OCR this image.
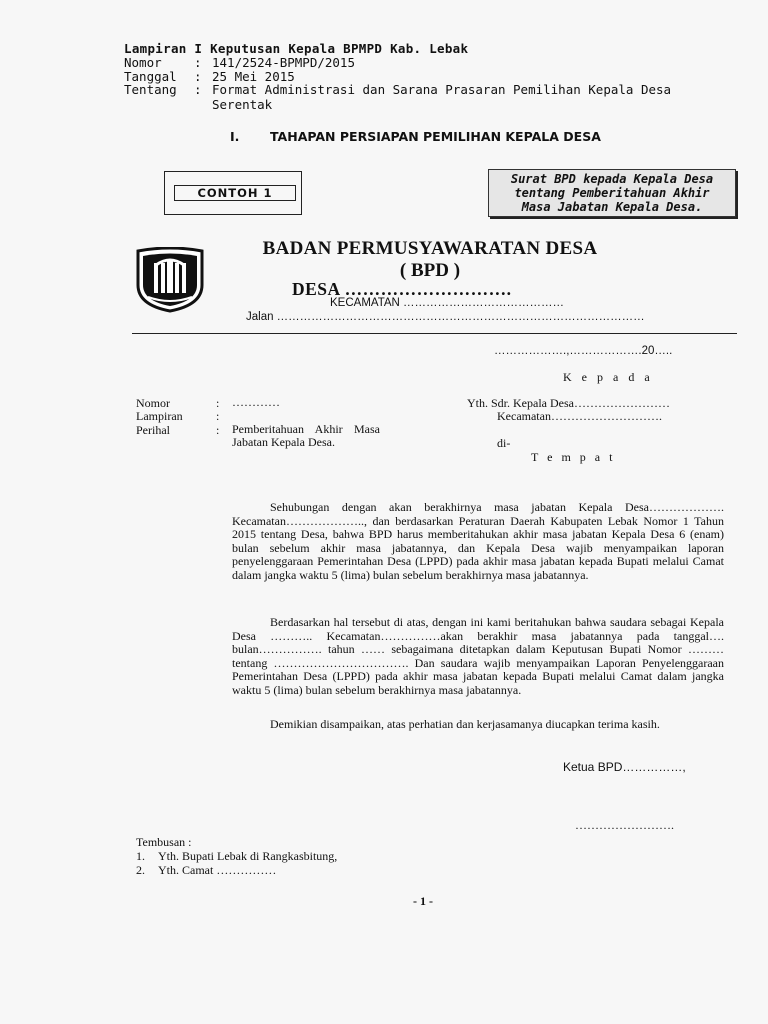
Lampiran I Keputusan Kepala BPMPD Kab. Lebak
Nomor	: 141/2524-BPMPD/2015
Tanggal	: 25 Mei 2015
Tentang	: Format Administrasi dan Sarana Prasaran Pemilihan Kepala Desa Serentak
I.	TAHAPAN PERSIAPAN PEMILIHAN KEPALA DESA
CONTOH 1
Surat BPD kepada Kepala Desa
tentang Pemberitahuan Akhir
Masa Jabatan Kepala Desa.
BADAN PERMUSYAWARATAN DESA
( BPD )
DESA ……………………….
KECAMATAN ……………………………………
Jalan ……………………………………………………………………………………
……………….,……………….20…..
K e p a d a
Nomor	:	…………
Lampiran	:
Perihal	:	Pemberitahuan Akhir Masa Jabatan Kepala Desa.
Yth. Sdr. Kepala Desa……………………
Kecamatan……………………….
di-
T e m p a t
Sehubungan dengan akan berakhirnya masa jabatan Kepala Desa………………. Kecamatan……………….., dan berdasarkan Peraturan Daerah Kabupaten Lebak Nomor 1 Tahun 2015 tentang Desa, bahwa BPD harus memberitahukan akhir masa jabatan Kepala Desa 6 (enam) bulan sebelum akhir masa jabatannya, dan Kepala Desa wajib menyampaikan laporan penyelenggaraan Pemerintahan Desa (LPPD) pada akhir masa jabatan kepada Bupati melalui Camat dalam jangka waktu 5 (lima) bulan sebelum berakhirnya masa jabatannya.
Berdasarkan hal tersebut di atas, dengan ini kami beritahukan bahwa saudara sebagai Kepala Desa ……….. Kecamatan……………akan berakhir masa jabatannya pada tanggal…. bulan……………. tahun …… sebagaimana ditetapkan dalam Keputusan Bupati Nomor ……… tentang ……………………………. Dan saudara wajib menyampaikan Laporan Penyelenggaraan Pemerintahan Desa (LPPD) pada akhir masa jabatan kepada Bupati melalui Camat dalam jangka waktu 5 (lima) bulan sebelum berakhirnya masa jabatannya.
Demikian disampaikan, atas perhatian dan kerjasamanya diucapkan terima kasih.
Ketua BPD……………,
…………………….
Tembusan :
1.	Yth. Bupati Lebak di Rangkasbitung,
2.	Yth. Camat ……………
- 1 -
